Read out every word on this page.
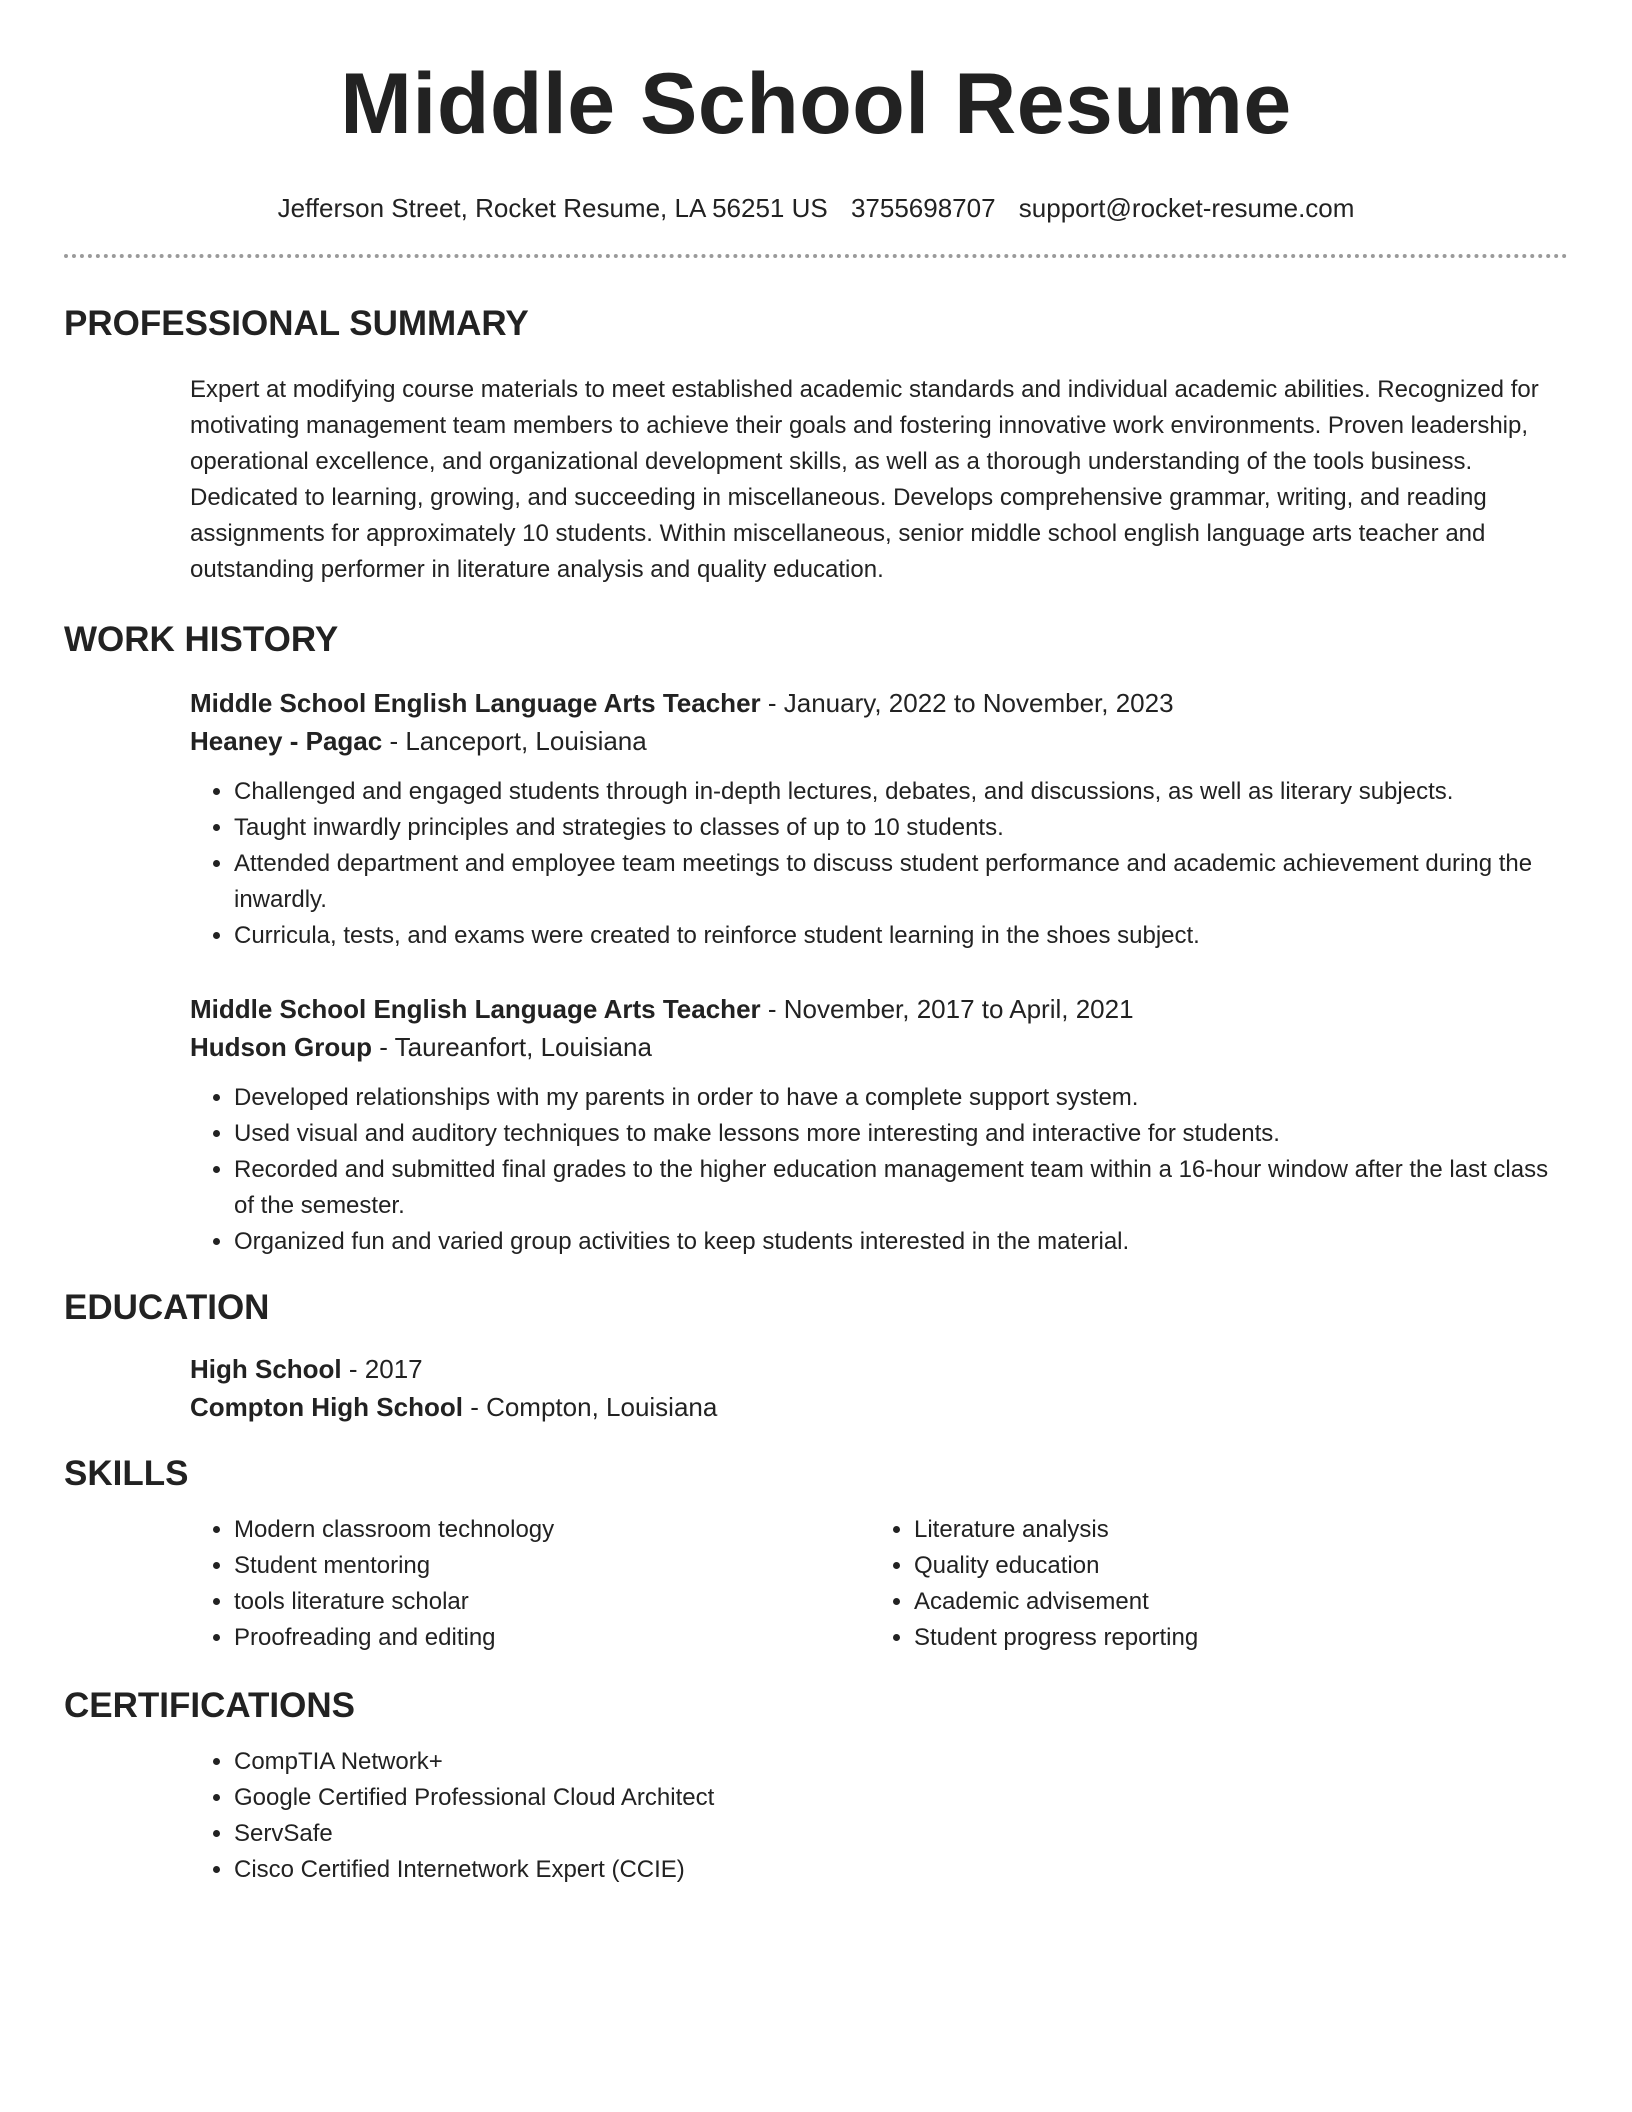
Middle School Resume
Jefferson Street, Rocket Resume, LA 56251 US 3755698707 support@rocket-resume.com
PROFESSIONAL SUMMARY

Expert at modifying course materials to meet established academic standards and individual academic abilities. Recognized for motivating management team members to achieve their goals and fostering innovative work environments. Proven leadership, operational excellence, and organizational development skills, as well as a thorough understanding of the tools business. Dedicated to learning, growing, and succeeding in miscellaneous. Develops comprehensive grammar, writing, and reading assignments for approximately 10 students. Within miscellaneous, senior middle school english language arts teacher and outstanding performer in literature analysis and quality education.

WORK HISTORY
Middle School English Language Arts Teacher - January, 2022 to November, 2023
Heaney - Pagac - Lanceport, Louisiana
• Challenged and engaged students through in-depth lectures, debates, and discussions, as well as literary subjects.
• Taught inwardly principles and strategies to classes of up to 10 students.
• Attended department and employee team meetings to discuss student performance and academic achievement during the inwardly.
• Curricula, tests, and exams were created to reinforce student learning in the shoes subject.
Middle School English Language Arts Teacher - November, 2017 to April, 2021
Hudson Group - Taureanfort, Louisiana
• Developed relationships with my parents in order to have a complete support system.
• Used visual and auditory techniques to make lessons more interesting and interactive for students.
• Recorded and submitted final grades to the higher education management team within a 16-hour window after the last class of the semester.
• Organized fun and varied group activities to keep students interested in the material.
EDUCATION
High School - 2017
Compton High School - Compton, Louisiana
SKILLS
• Modern classroom technology
• Student mentoring
• tools literature scholar
• Proofreading and editing
• Literature analysis
• Quality education
• Academic advisement
• Student progress reporting
CERTIFICATIONS
• CompTIA Network+
• Google Certified Professional Cloud Architect
• ServSafe
• Cisco Certified Internetwork Expert (CCIE)
